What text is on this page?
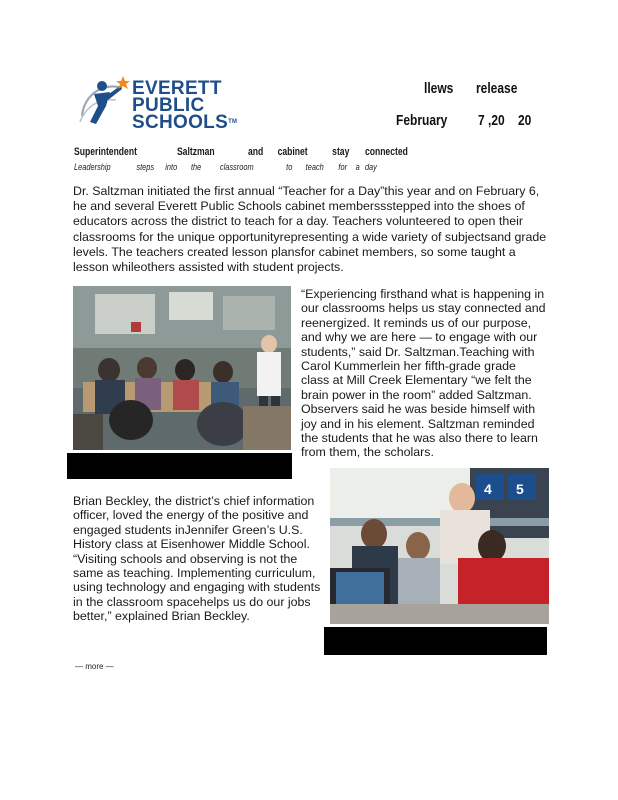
EVERETT
PUBLIC
SCHOOLS™
llews release
February 7 ,20 20
Superintendent	Saltzman	and cabinet stay connected
Leadership	steps into the classroom	to teach for a day
Dr. Saltzman initiated the first annual “Teacher for a Day”this year and on February 6,
he and several Everett Public Schools cabinet memberssstepped into the shoes of
educators across the district to teach for a day. Teachers volunteered to open their
classrooms for the unique opportunityrepresenting a wide variety of subjectsand grade
levels. The teachers created lesson plansfor cabinet members, so some taught a
lesson whileothers assisted with student projects.
“Experiencing firsthand what is happening in
our classrooms helps us stay connected and
reenergized. It reminds us of our purpose,
and why we are here — to engage with our
students,” said Dr. Saltzman.Teaching with
Carol Kummerlein her fifth-grade grade
class at Mill Creek Elementary “we felt the
brain power in the room” added Saltzman.
Observers said he was beside himself with
joy and in his element. Saltzman reminded
the students that he was also there to learn
from them, the scholars.
Brian Beckley, the district’s chief information
officer, loved the energy of the positive and
engaged students inJennifer Green’s U.S.
History class at Eisenhower Middle School.
“Visiting schools and observing is not the
same as teaching. Implementing curriculum,
using technology and engaging with students
in the classroom spacehelps us do our jobs
better,” explained Brian Beckley.
4 5
— more —
